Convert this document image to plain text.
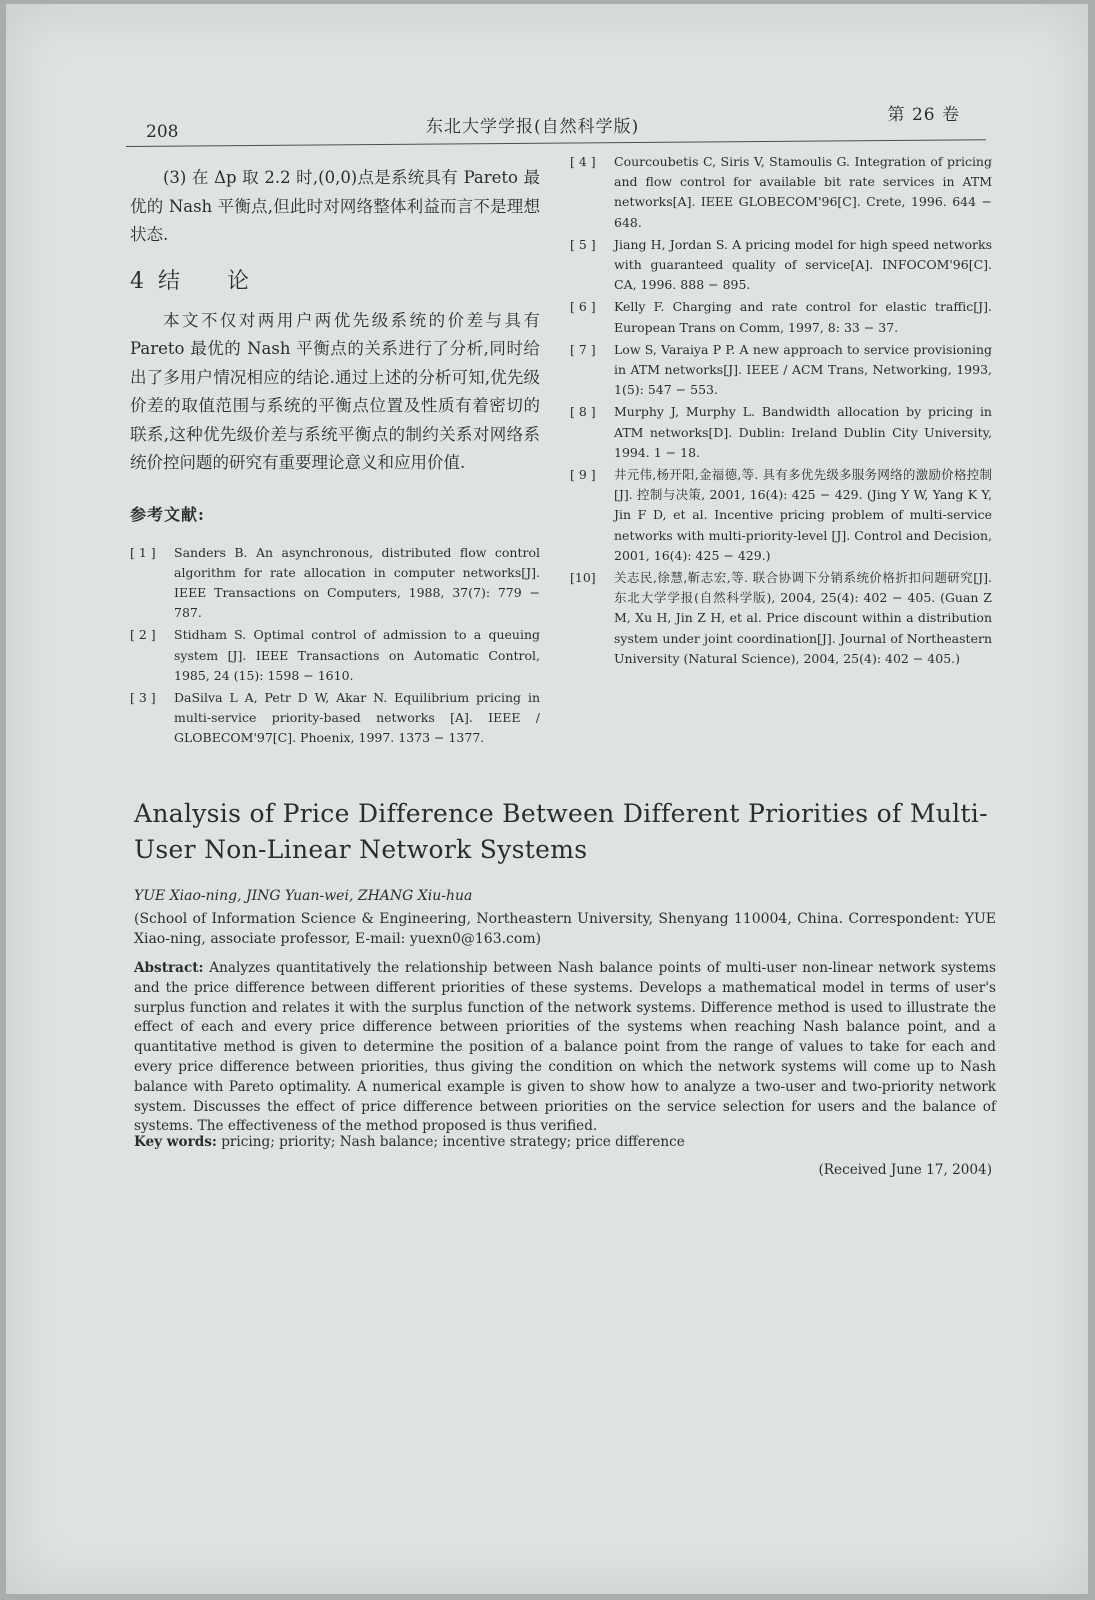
208	东北大学学报(自然科学版)
第 26 卷

(3) 在 Δp 取 2.2 时,(0,0)点是系统具有 Pareto 最优的 Nash 平衡点,但此时对网络整体利益而言不是理想状态.

4结 论

本文不仅对两用户两优先级系统的价差与具有 Pareto 最优的 Nash 平衡点的关系进行了分析,同时给出了多用户情况相应的结论.通过上述的分析可知,优先级价差的取值范围与系统的平衡点位置及性质有着密切的联系,这种优先级价差与系统平衡点的制约关系对网络系统价控问题的研究有重要理论意义和应用价值.

参考文献:
[ 1 ]	Sanders B. An asynchronous, distributed flow control algorithm for rate allocation in computer networks[J]. IEEE Transactions on Computers, 1988, 37(7): 779 − 787.
[ 2 ]	Stidham S. Optimal control of admission to a queuing system [J]. IEEE Transactions on Automatic Control, 1985, 24 (15): 1598 − 1610.
[ 3 ]	DaSilva L A, Petr D W, Akar N. Equilibrium pricing in multi-service priority-based networks [A]. IEEE / GLOBECOM'97[C]. Phoenix, 1997. 1373 − 1377.
[ 4 ]	Courcoubetis C, Siris V, Stamoulis G. Integration of pricing and flow control for available bit rate services in ATM networks[A]. IEEE GLOBECOM'96[C]. Crete, 1996. 644 − 648.
[ 5 ]	Jiang H, Jordan S. A pricing model for high speed networks with guaranteed quality of service[A]. INFOCOM'96[C]. CA, 1996. 888 − 895.
[ 6 ]	Kelly F. Charging and rate control for elastic traffic[J]. European Trans on Comm, 1997, 8: 33 − 37.
[ 7 ]	Low S, Varaiya P P. A new approach to service provisioning in ATM networks[J]. IEEE / ACM Trans, Networking, 1993, 1(5): 547 − 553.
[ 8 ]	Murphy J, Murphy L. Bandwidth allocation by pricing in ATM networks[D]. Dublin: Ireland Dublin City University, 1994. 1 − 18.
[ 9 ]	井元伟,杨开阳,金福德,等. 具有多优先级多服务网络的激励价格控制[J]. 控制与决策, 2001, 16(4): 425 − 429. (Jing Y W, Yang K Y, Jin F D, et al. Incentive pricing problem of multi-service networks with multi-priority-level [J]. Control and Decision, 2001, 16(4): 425 − 429.)
[10]	关志民,徐慧,靳志宏,等. 联合协调下分销系统价格折扣问题研究[J]. 东北大学学报(自然科学版), 2004, 25(4): 402 − 405. (Guan Z M, Xu H, Jin Z H, et al. Price discount within a distribution system under joint coordination[J]. Journal of Northeastern University (Natural Science), 2004, 25(4): 402 − 405.)
Analysis of Price Difference Between Different Priorities of Multi-User Non-Linear Network Systems
YUE Xiao-ning, JING Yuan-wei, ZHANG Xiu-hua
(School of Information Science & Engineering, Northeastern University, Shenyang 110004, China. Correspondent: YUE Xiao-ning, associate professor, E-mail: yuexn0@163.com)
Abstract: Analyzes quantitatively the relationship between Nash balance points of multi-user non-linear network systems and the price difference between different priorities of these systems. Develops a mathematical model in terms of user's surplus function and relates it with the surplus function of the network systems. Difference method is used to illustrate the effect of each and every price difference between priorities of the systems when reaching Nash balance point, and a quantitative method is given to determine the position of a balance point from the range of values to take for each and every price difference between priorities, thus giving the condition on which the network systems will come up to Nash balance with Pareto optimality. A numerical example is given to show how to analyze a two-user and two-priority network system. Discusses the effect of price difference between priorities on the service selection for users and the balance of systems. The effectiveness of the method proposed is thus verified.
Key words: pricing; priority; Nash balance; incentive strategy; price difference
(Received June 17, 2004)
